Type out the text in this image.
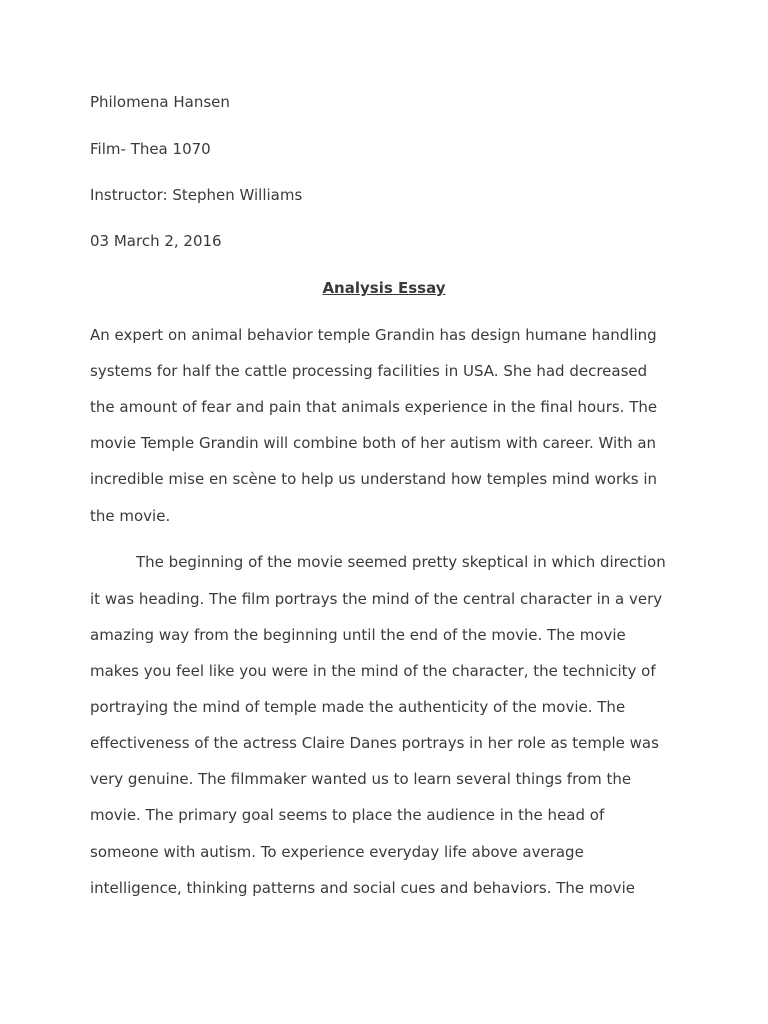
Philomena Hansen

Film- Thea 1070

Instructor: Stephen Williams

03 March 2, 2016

Analysis Essay

An expert on animal behavior temple Grandin has design humane handling

systems for half the cattle processing facilities in USA. She had decreased

the amount of fear and pain that animals experience in the final hours. The

movie Temple Grandin will combine both of her autism with career. With an

incredible mise en scène to help us understand how temples mind works in

the movie.

The beginning of the movie seemed pretty skeptical in which direction

it was heading. The film portrays the mind of the central character in a very

amazing way from the beginning until the end of the movie. The movie

makes you feel like you were in the mind of the character, the technicity of

portraying the mind of temple made the authenticity of the movie. The

effectiveness of the actress Claire Danes portrays in her role as temple was

very genuine. The filmmaker wanted us to learn several things from the

movie. The primary goal seems to place the audience in the head of

someone with autism. To experience everyday life above average

intelligence, thinking patterns and social cues and behaviors. The movie
